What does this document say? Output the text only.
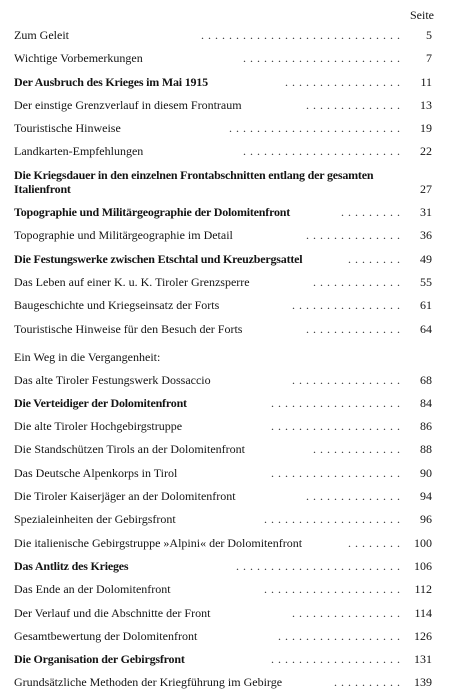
Seite
Zum Geleit	5
.............................
Wichtige Vorbemerkungen	7
.......................
Der Ausbruch des Krieges im Mai 1915	11
.................
Der einstige Grenzverlauf in diesem Frontraum	13
..............
Touristische Hinweise	19
.........................
Landkarten-Empfehlungen	22
.......................
Die Kriegsdauer in den einzelnen Frontabschnitten entlang der gesamten Italienfront	27
Topographie und Militärgeographie der Dolomitenfront	31
.........
Topographie und Militärgeographie im Detail	36
..............
Die Festungswerke zwischen Etschtal und Kreuzbergsattel	49
........
Das Leben auf einer K. u. K. Tiroler Grenzsperre	55
.............
Baugeschichte und Kriegseinsatz der Forts	61
................
Touristische Hinweise für den Besuch der Forts	64
..............
Ein Weg in die Vergangenheit:
Das alte Tiroler Festungswerk Dossaccio	68
................
Die Verteidiger der Dolomitenfront	84
...................
Die alte Tiroler Hochgebirgstruppe	86
...................
Die Standschützen Tirols an der Dolomitenfront	88
.............
Das Deutsche Alpenkorps in Tirol	90
...................
Die Tiroler Kaiserjäger an der Dolomitenfront	94
..............
Spezialeinheiten der Gebirgsfront	96
....................
Die italienische Gebirgstruppe »Alpini« der Dolomitenfront	100
........
Das Antlitz des Krieges	106
........................
Das Ende an der Dolomitenfront	112
....................
Der Verlauf und die Abschnitte der Front	114
................
Gesamtbewertung der Dolomitenfront	126
..................
Die Organisation der Gebirgsfront	131
...................
Grundsätzliche Methoden der Kriegführung im Gebirge	139
..........
